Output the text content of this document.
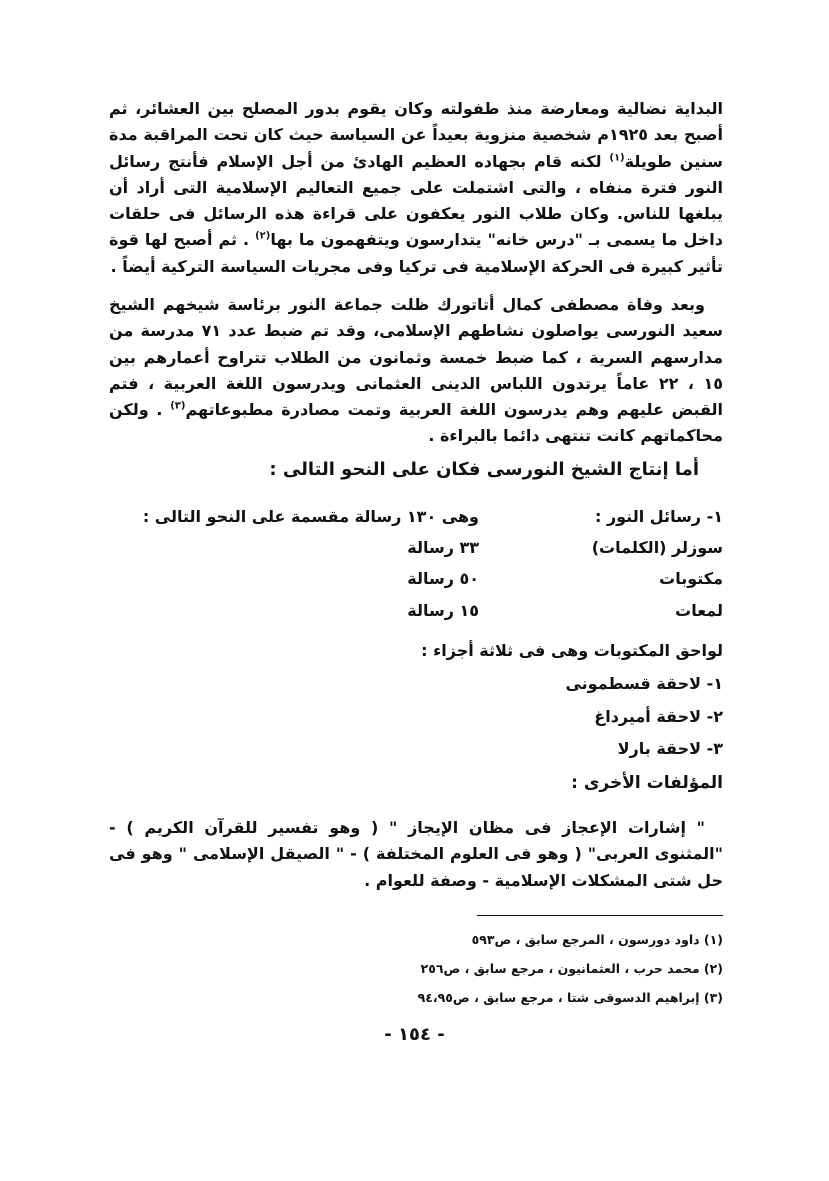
البداية نضالية ومعارضة منذ طفولته وكان يقوم بدور المصلح بين العشائر، ثم أصبح بعد ١٩٢٥م شخصية منزوية بعيداً عن السياسة حيث كان تحت المراقبة مدة سنين طويلة$^{(١)}$ لكنه قام بجهاده العظيم الهادئ من أجل الإسلام فأنتج رسائل النور فترة منفاه ، والتى اشتملت على جميع التعاليم الإسلامية التى أراد أن يبلغها للناس. وكان طلاب النور يعكفون على قراءة هذه الرسائل فى حلقات داخل ما يسمى بـ "درس خانه" يتدارسون ويتفهمون ما بها$^{(٢)}$ . ثم أصبح لها قوة تأثير كبيرة فى الحركة الإسلامية فى تركيا وفى مجريات السياسة التركية أيضاً .

وبعد وفاة مصطفى كمال أتاتورك ظلت جماعة النور برئاسة شيخهم الشيخ سعيد النورسى يواصلون نشاطهم الإسلامى، وقد تم ضبط عدد ٧١ مدرسة من مدارسهم السرية ، كما ضبط خمسة وثمانون من الطلاب تتراوح أعمارهم بين ١٥ ، ٢٢ عاماً يرتدون اللباس الدينى العثمانى ويدرسون اللغة العربية ، فتم القبض عليهم وهم يدرسون اللغة العربية وتمت مصادرة مطبوعاتهم$^{(٣)}$ . ولكن محاكماتهم كانت تنتهى دائما بالبراءة .

أما إنتاج الشيخ النورسى فكان على النحو التالى :

١- رسائل النور :

وهى ١٣٠ رسالة مقسمة على النحو التالى :

سوزلر (الكلمات)

٣٣ رسالة

مكتوبات

٥٠ رسالة

لمعات

١٥ رسالة

لواحق المكتوبات وهى فى ثلاثة أجزاء :

١- لاحقة قسطمونى

٢- لاحقة أميرداغ

٣- لاحقة بارلا

المؤلفات الأخرى :

" إشارات الإعجاز فى مظان الإيجاز " ( وهو تفسير للقرآن الكريم ) - "المثنوى العربى" ( وهو فى العلوم المختلفة ) - " الصيقل الإسلامى " وهو فى حل شتى المشكلات الإسلامية - وصفة للعوام .

(١) داود دورسون ، المرجع سابق ، ص٥٩٣

(٢) محمد حرب ، العثمانيون ، مرجع سابق ، ص٢٥٦

(٣) إبراهيم الدسوقى شتا ، مرجع سابق ، ص٩٤،٩٥

- ١٥٤ -
